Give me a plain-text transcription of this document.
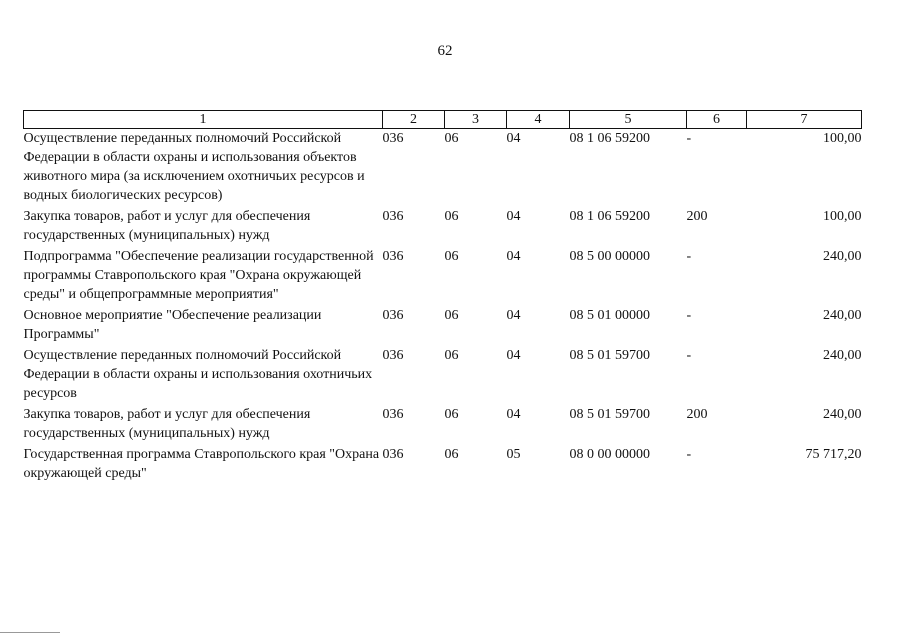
62
1	2	3	4	5	6	7
Осуществление переданных полномочий Российской Федерации в области охраны и использования объектов животного мира (за исключением охотничьих ресурсов и водных биологических ресурсов)	036	06	04	08 1 06 59200	-	100,00
Закупка товаров, работ и услуг для обеспечения государственных (муниципальных) нужд	036	06	04	08 1 06 59200	200	100,00
Подпрограмма "Обеспечение реализации государственной программы Ставропольского края "Охрана окружающей среды" и общепрограммные мероприятия"	036	06	04	08 5 00 00000	-	240,00
Основное мероприятие "Обеспечение реализации Программы"	036	06	04	08 5 01 00000	-	240,00
Осуществление переданных полномочий Российской Федерации в области охраны и использования охотничьих ресурсов	036	06	04	08 5 01 59700	-	240,00
Закупка товаров, работ и услуг для обеспечения государственных (муниципальных) нужд	036	06	04	08 5 01 59700	200	240,00
Государственная программа Ставропольского края "Охрана окружающей среды"	036	06	05	08 0 00 00000	-	75 717,20
